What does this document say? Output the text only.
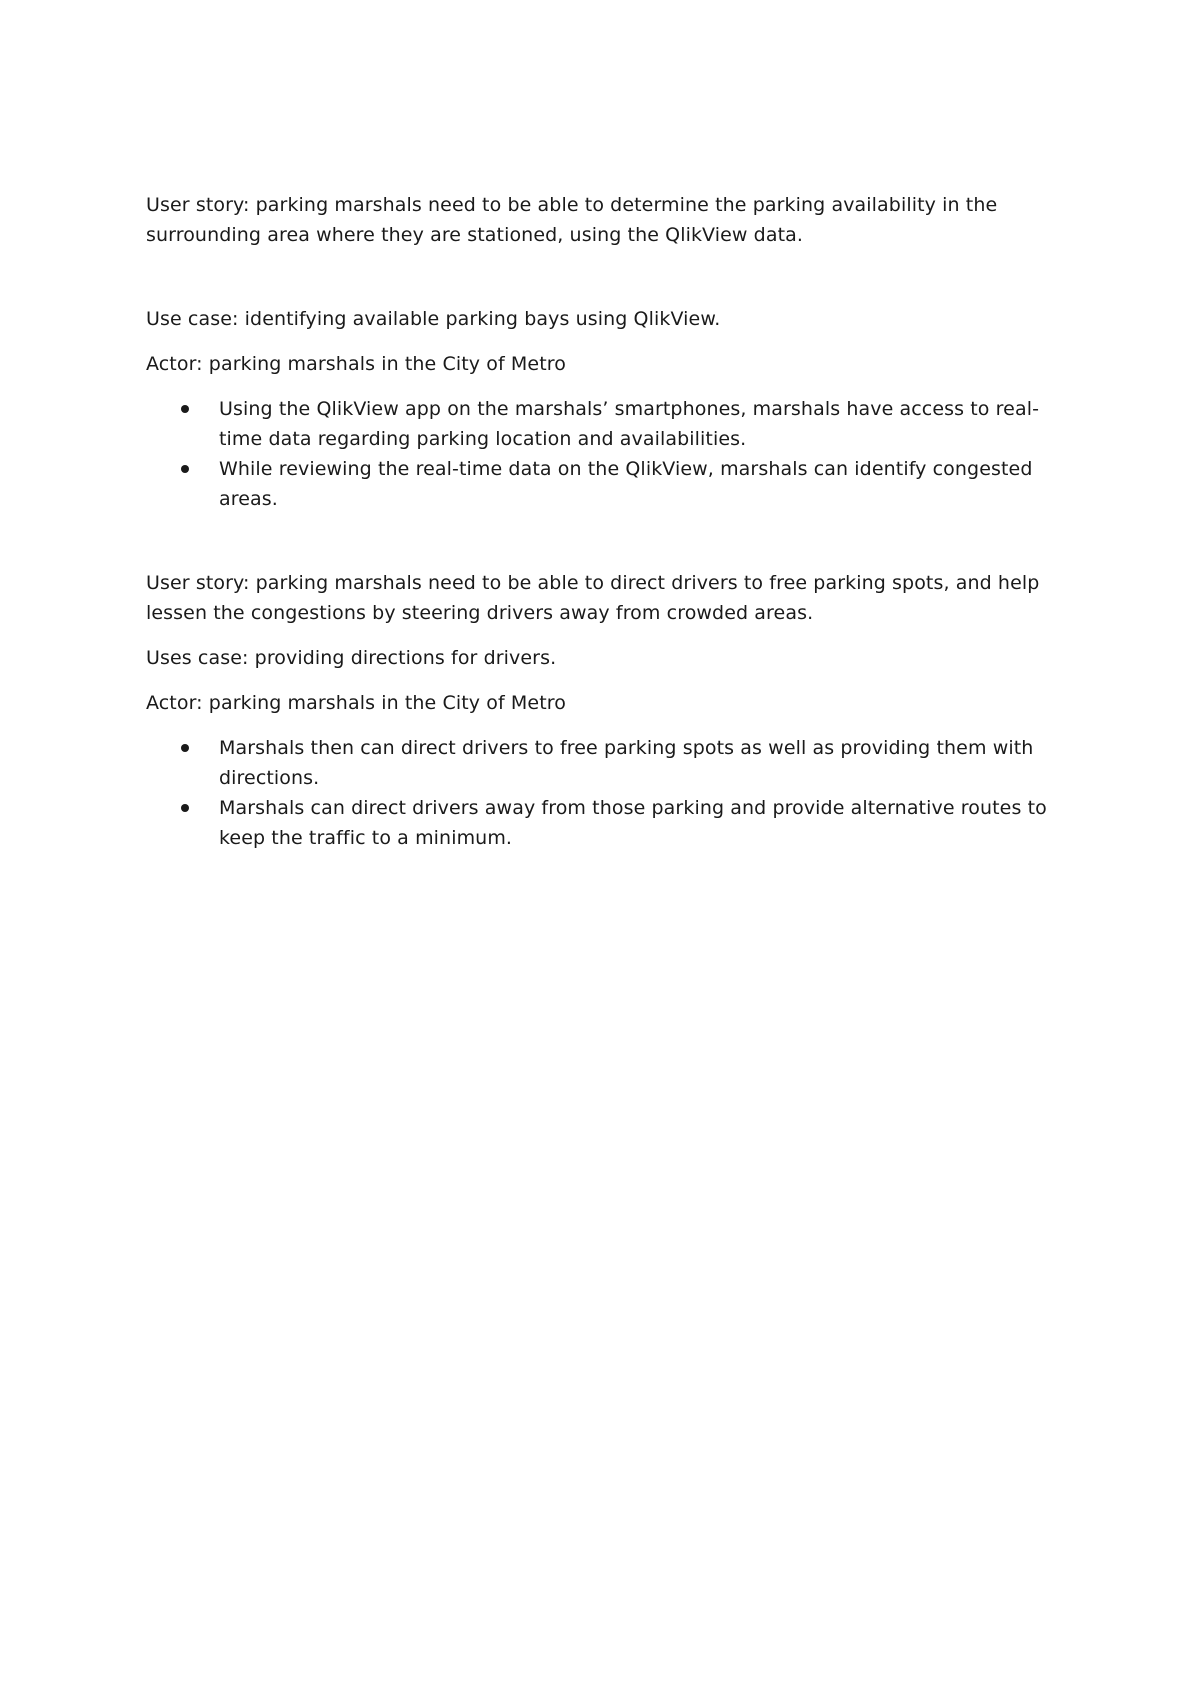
User story: parking marshals need to be able to determine the parking availability in the surrounding area where they are stationed, using the QlikView data.

Use case: identifying available parking bays using QlikView.

Actor: parking marshals in the City of Metro

Using the QlikView app on the marshals’ smartphones, marshals have access to real-time data regarding parking location and availabilities.
While reviewing the real-time data on the QlikView, marshals can identify congested areas.

User story: parking marshals need to be able to direct drivers to free parking spots, and help lessen the congestions by steering drivers away from crowded areas.

Uses case: providing directions for drivers.

Actor: parking marshals in the City of Metro

Marshals then can direct drivers to free parking spots as well as providing them with directions.
Marshals can direct drivers away from those parking and provide alternative routes to keep the traffic to a minimum.
